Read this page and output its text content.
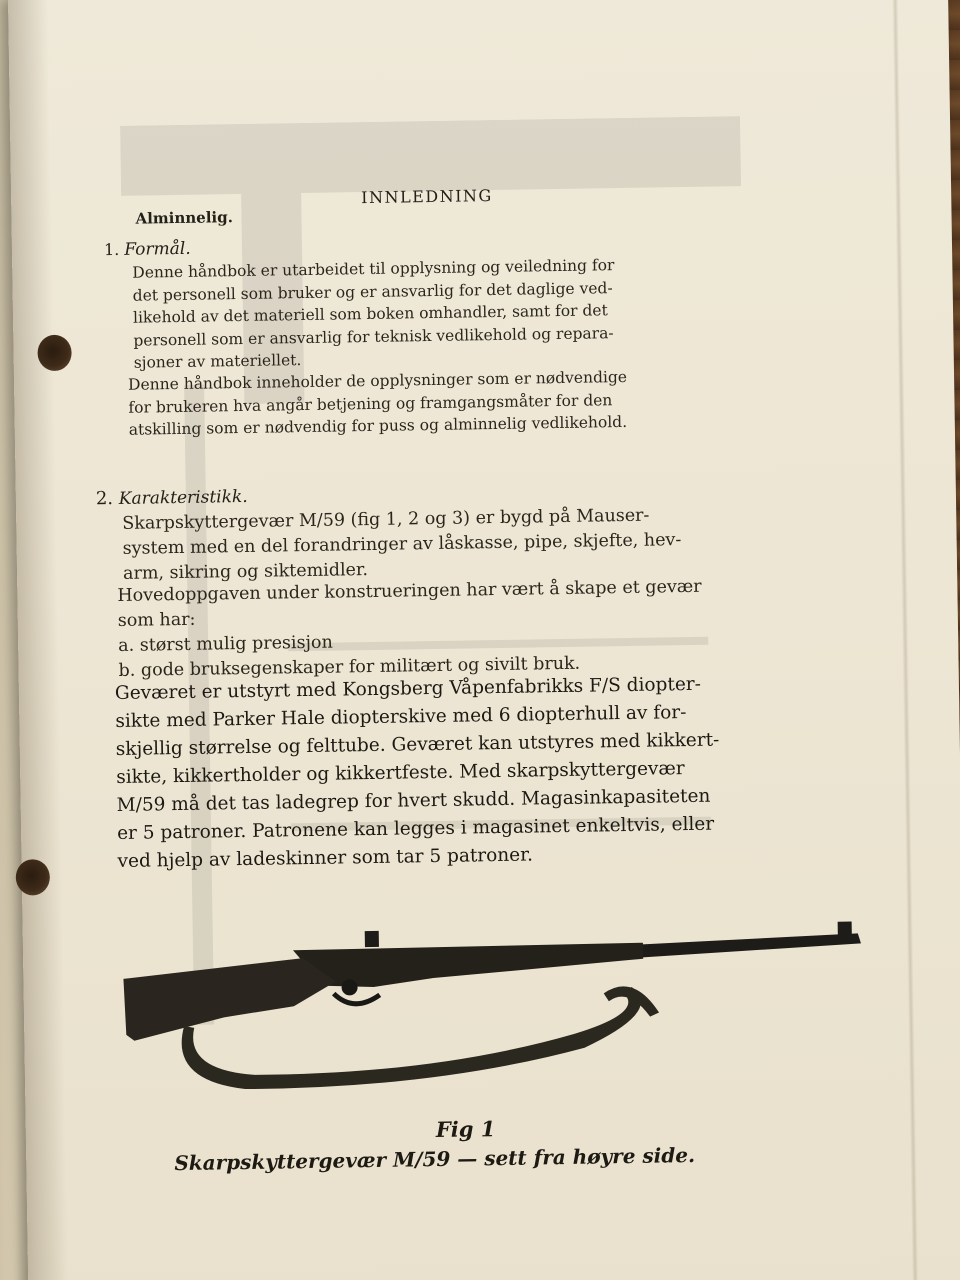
INNLEDNING
Alminnelig.
1. Formål.
Denne håndbok er utarbeidet til opplysning og veiledning for
det personell som bruker og er ansvarlig for det daglige ved-
likehold av det materiell som boken omhandler, samt for det
personell som er ansvarlig for teknisk vedlikehold og repara-
sjoner av materiellet.
Denne håndbok inneholder de opplysninger som er nødvendige
for brukeren hva angår betjening og framgangsmåter for den
atskilling som er nødvendig for puss og alminnelig vedlikehold.
2. Karakteristikk.
Skarpskyttergevær M/59 (fig 1, 2 og 3) er bygd på Mauser-
system med en del forandringer av låskasse, pipe, skjefte, hev-
arm, sikring og siktemidler.
Hovedoppgaven under konstrueringen har vært å skape et gevær
som har:
a. størst mulig presisjon
b. gode bruksegenskaper for militært og sivilt bruk.
Geværet er utstyrt med Kongsberg Våpenfabrikks F/S diopter-
sikte med Parker Hale diopterskive med 6 diopterhull av for-
skjellig størrelse og felttube. Geværet kan utstyres med kikkert-
sikte, kikkertholder og kikkertfeste. Med skarpskyttergevær
M/59 må det tas ladegrep for hvert skudd. Magasinkapasiteten
er 5 patroner. Patronene kan legges i magasinet enkeltvis, eller
ved hjelp av ladeskinner som tar 5 patroner.
Fig 1
Skarpskyttergevær M/59 — sett fra høyre side.
